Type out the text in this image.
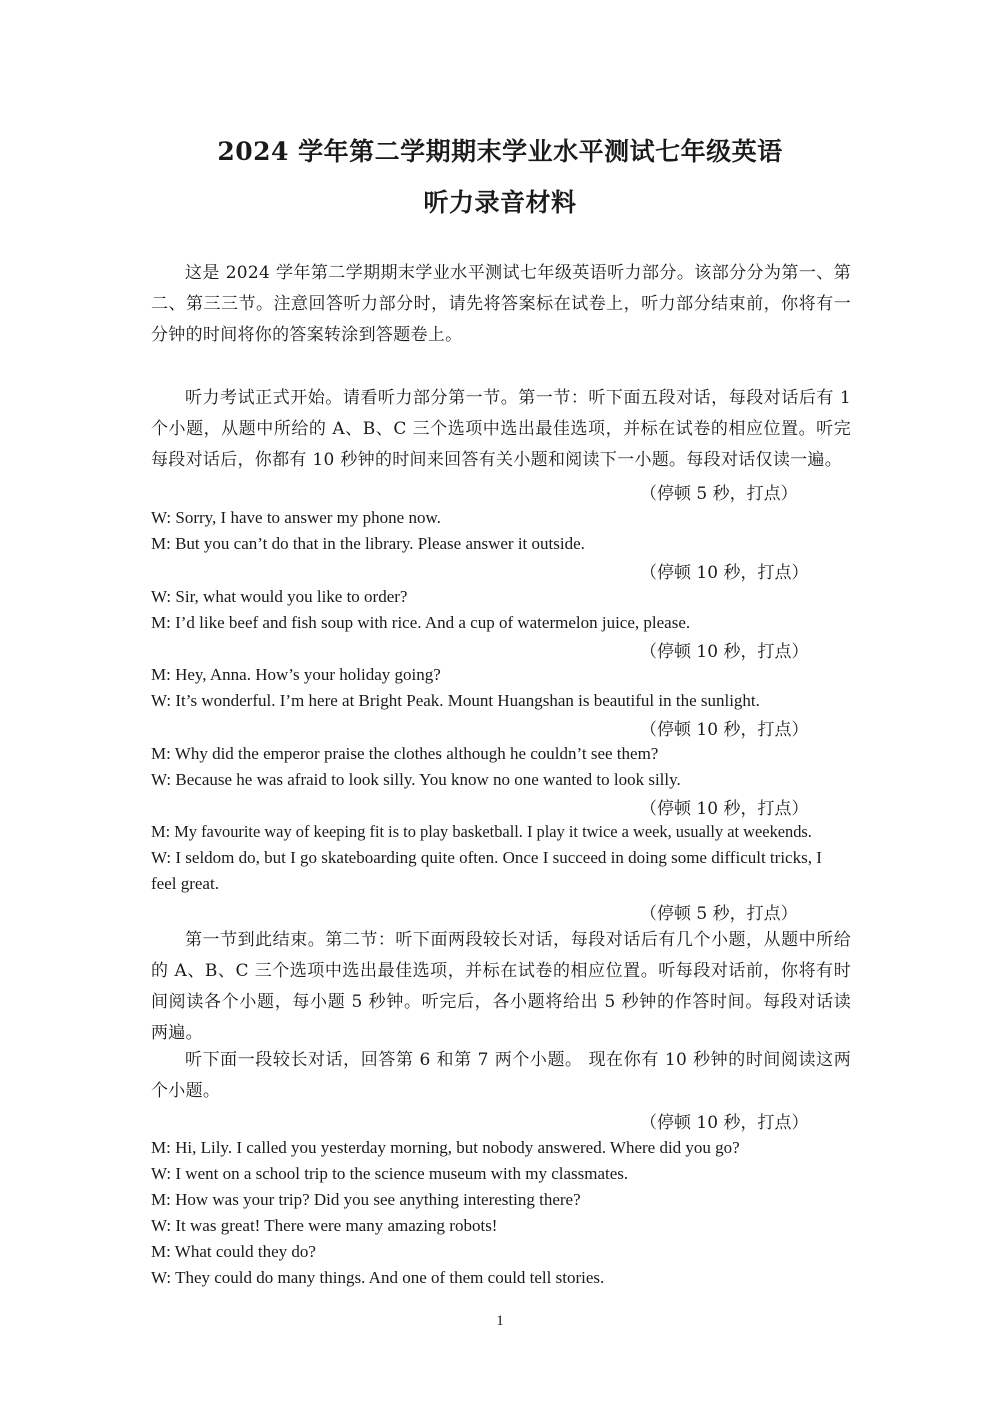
2024 学年第二学期期末学业水平测试七年级英语
听力录音材料
这是 2024 学年第二学期期末学业水平测试七年级英语听力部分。该部分分为第一、第二、第三三节。注意回答听力部分时，请先将答案标在试卷上，听力部分结束前，你将有一分钟的时间将你的答案转涂到答题卷上。
听力考试正式开始。请看听力部分第一节。第一节：听下面五段对话，每段对话后有 1 个小题，从题中所给的 A、B、C 三个选项中选出最佳选项，并标在试卷的相应位置。听完每段对话后，你都有 10 秒钟的时间来回答有关小题和阅读下一小题。每段对话仅读一遍。
（停顿 5 秒，打点）
W: Sorry, I have to answer my phone now.
M: But you can’t do that in the library. Please answer it outside.
（停顿 10 秒，打点）
W: Sir, what would you like to order?
M: I’d like beef and fish soup with rice. And a cup of watermelon juice, please.
（停顿 10 秒，打点）
M: Hey, Anna. How’s your holiday going?
W: It’s wonderful. I’m here at Bright Peak. Mount Huangshan is beautiful in the sunlight.
（停顿 10 秒，打点）
M: Why did the emperor praise the clothes although he couldn’t see them?
W: Because he was afraid to look silly. You know no one wanted to look silly.
（停顿 10 秒，打点）
M: My favourite way of keeping fit is to play basketball. I play it twice a week, usually at weekends.
W: I seldom do, but I go skateboarding quite often. Once I succeed in doing some difficult tricks, I feel great.
（停顿 5 秒，打点）
第一节到此结束。第二节：听下面两段较长对话，每段对话后有几个小题，从题中所给的 A、B、C 三个选项中选出最佳选项，并标在试卷的相应位置。听每段对话前，你将有时间阅读各个小题，每小题 5 秒钟。听完后，各小题将给出 5 秒钟的作答时间。每段对话读两遍。
听下面一段较长对话，回答第 6 和第 7 两个小题。 现在你有 10 秒钟的时间阅读这两个小题。
（停顿 10 秒，打点）
M: Hi, Lily. I called you yesterday morning, but nobody answered. Where did you go?
W: I went on a school trip to the science museum with my classmates.
M: How was your trip? Did you see anything interesting there?
W: It was great! There were many amazing robots!
M: What could they do?
W: They could do many things. And one of them could tell stories.
1
